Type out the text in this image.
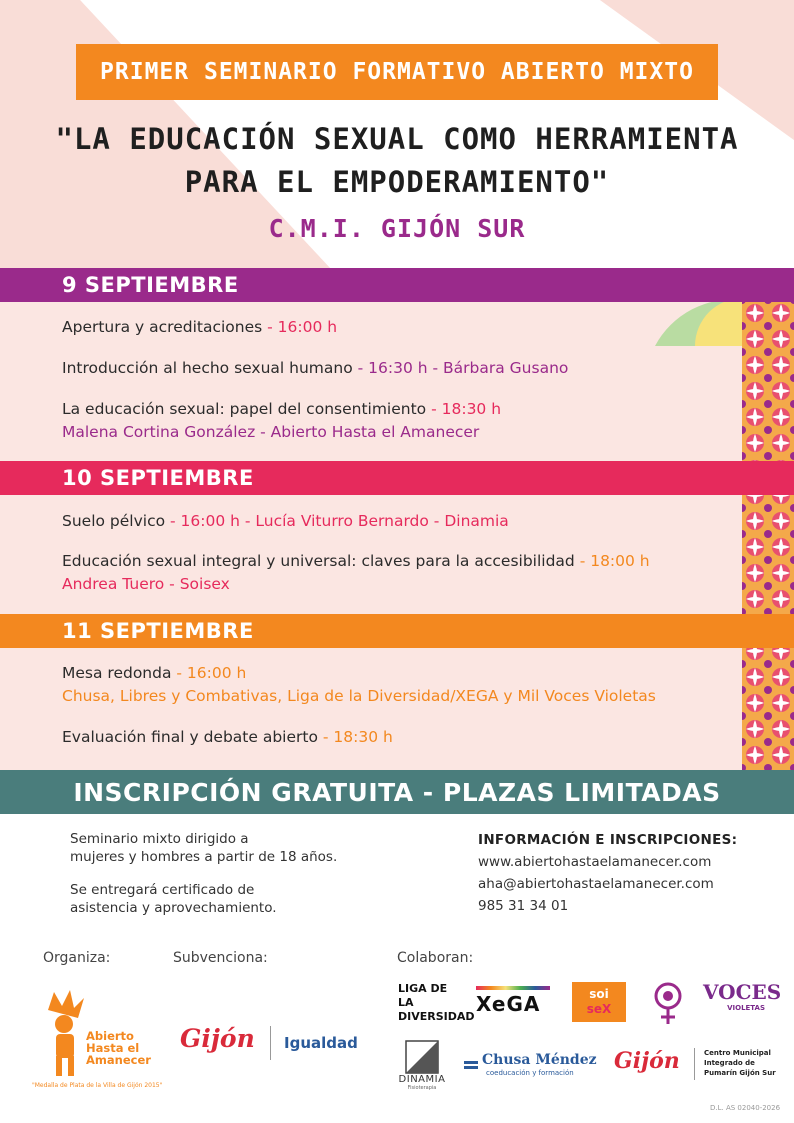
PRIMER SEMINARIO FORMATIVO ABIERTO MIXTO
"LA EDUCACIÓN SEXUAL COMO HERRAMIENTA
PARA EL EMPODERAMIENTO"
C.M.I. GIJÓN SUR
9 SEPTIEMBRE
Apertura y acreditaciones - 16:00 h
Introducción al hecho sexual humano - 16:30 h - Bárbara Gusano
La educación sexual: papel del consentimiento - 18:30 h
Malena Cortina González - Abierto Hasta el Amanecer
10 SEPTIEMBRE
Suelo pélvico - 16:00 h - Lucía Viturro Bernardo - Dinamia
Educación sexual integral y universal: claves para la accesibilidad - 18:00 h
Andrea Tuero - Soisex
11 SEPTIEMBRE
Mesa redonda - 16:00 h
Chusa, Libres y Combativas, Liga de la Diversidad/XEGA y Mil Voces Violetas
Evaluación final y debate abierto - 18:30 h
INSCRIPCIÓN GRATUITA - PLAZAS LIMITADAS
Seminario mixto dirigido a
mujeres y hombres a partir de 18 años.
Se entregará certificado de
asistencia y aprovechamiento.
INFORMACIÓN E INSCRIPCIONES:
www.abiertohastaelamanecer.com
aha@abiertohastaelamanecer.com
985 31 34 01
Organiza:	Subvenciona:	Colaboran:
Abierto
Hasta el
Amanecer
"Medalla de Plata de la Villa de Gijón 2015"
Gijón Igualdad
LIGA DE LA
DIVERSIDAD
XeGA	soi
seX
VOCES
VIOLETAS
DINAMIA
Fisioterapia
Chusa Méndez
coeducación y formación Gijón	Centro Municipal
Integrado de
Pumarín Gijón Sur
D.L. AS 02040-2026
